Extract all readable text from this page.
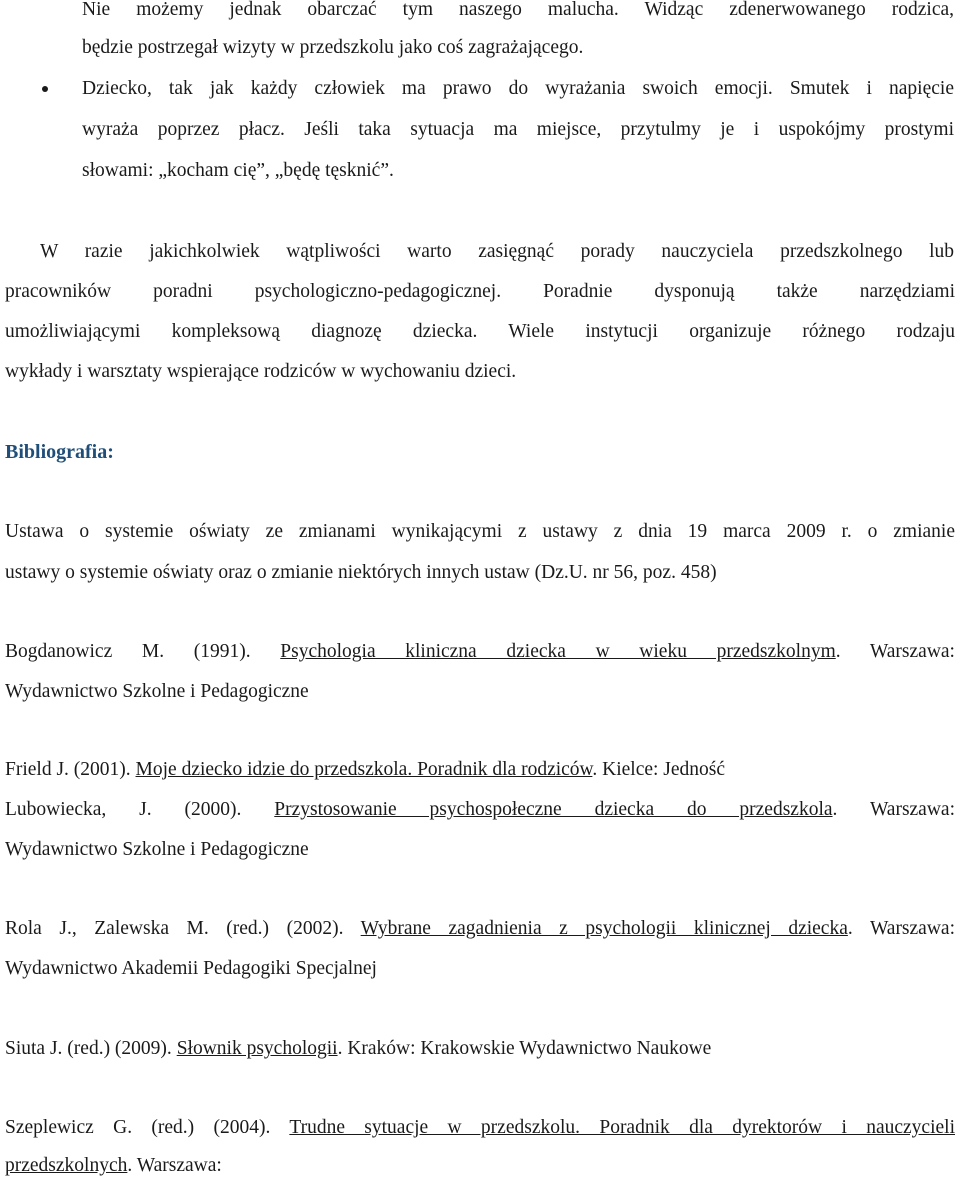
Nie możemy jednak obarczać tym naszego malucha. Widząc zdenerwowanego rodzica,
będzie postrzegał wizyty w przedszkolu jako coś zagrażającego.
Dziecko, tak jak każdy człowiek ma prawo do wyrażania swoich emocji. Smutek i napięcie
wyraża poprzez płacz. Jeśli taka sytuacja ma miejsce, przytulmy je i uspokójmy prostymi
słowami: „kocham cię”, „będę tęsknić”.
W razie jakichkolwiek wątpliwości warto zasięgnąć porady nauczyciela przedszkolnego lub
pracowników poradni psychologiczno-pedagogicznej. Poradnie dysponują także narzędziami
umożliwiającymi kompleksową diagnozę dziecka. Wiele instytucji organizuje różnego rodzaju
wykłady i warsztaty wspierające rodziców w wychowaniu dzieci.
Bibliografia:
Ustawa o systemie oświaty ze zmianami wynikającymi z ustawy z dnia 19 marca 2009 r. o zmianie
ustawy o systemie oświaty oraz o zmianie niektórych innych ustaw (Dz.U. nr 56, poz. 458)
Bogdanowicz M. (1991). Psychologia kliniczna dziecka w wieku przedszkolnym. Warszawa:
Wydawnictwo Szkolne i Pedagogiczne
Frield J. (2001). Moje dziecko idzie do przedszkola. Poradnik dla rodziców. Kielce: Jedność
Lubowiecka, J. (2000). Przystosowanie psychospołeczne dziecka do przedszkola. Warszawa:
Wydawnictwo Szkolne i Pedagogiczne
Rola J., Zalewska M. (red.) (2002). Wybrane zagadnienia z psychologii klinicznej dziecka. Warszawa:
Wydawnictwo Akademii Pedagogiki Specjalnej
Siuta J. (red.) (2009). Słownik psychologii. Kraków: Krakowskie Wydawnictwo Naukowe
Szeplewicz G. (red.) (2004). Trudne sytuacje w przedszkolu. Poradnik dla dyrektorów i nauczycieli
przedszkolnych. Warszawa:
